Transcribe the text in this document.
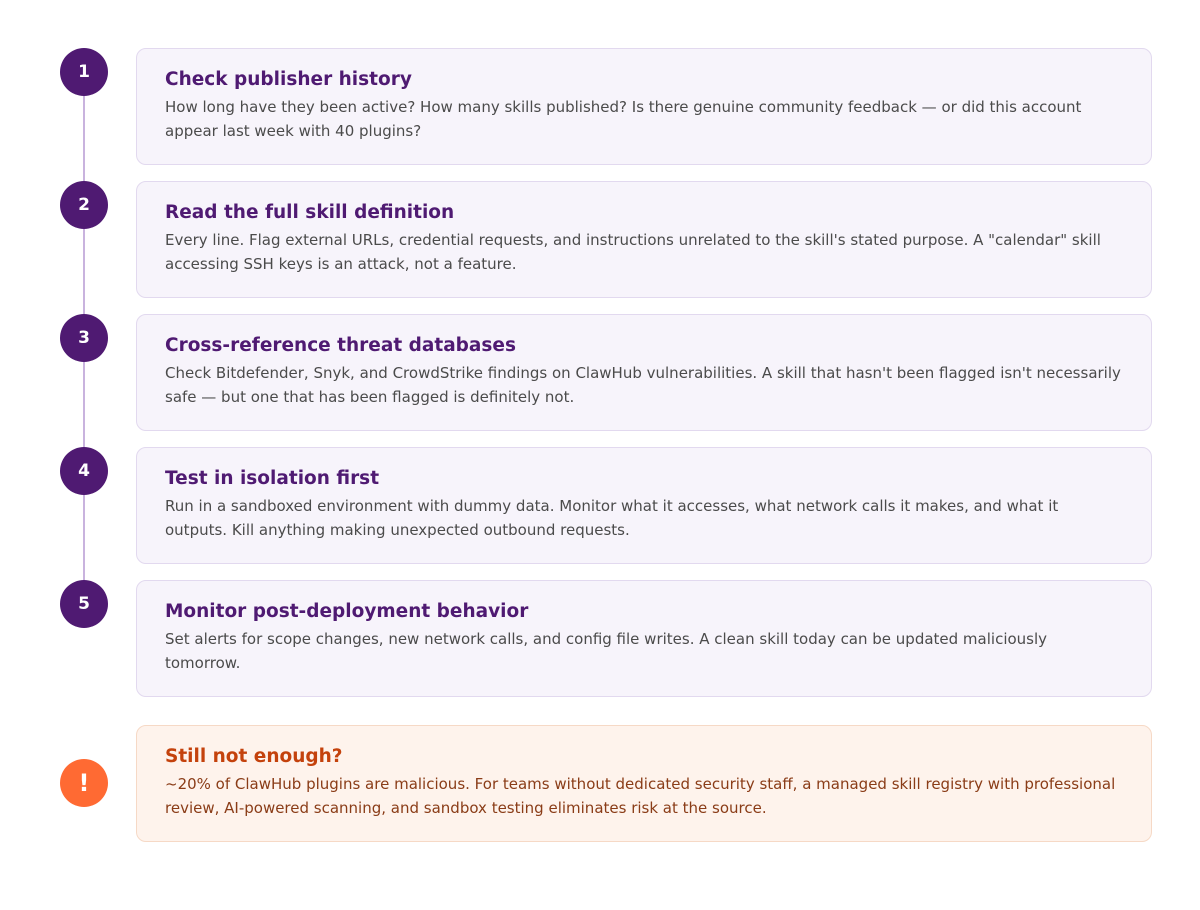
1	Check publisher history
How long have they been active? How many skills published? Is there genuine community feedback — or did this account appear last week with 40 plugins?
2	Read the full skill definition
Every line. Flag external URLs, credential requests, and instructions unrelated to the skill's stated purpose. A "calendar" skill accessing SSH keys is an attack, not a feature.
3	Cross-reference threat databases
Check Bitdefender, Snyk, and CrowdStrike findings on ClawHub vulnerabilities. A skill that hasn't been flagged isn't necessarily safe — but one that has been flagged is definitely not.
4	Test in isolation first
Run in a sandboxed environment with dummy data. Monitor what it accesses, what network calls it makes, and what it outputs. Kill anything making unexpected outbound requests.
5	Monitor post-deployment behavior
Set alerts for scope changes, new network calls, and config file writes. A clean skill today can be updated maliciously tomorrow.
!
Still not enough?
~20% of ClawHub plugins are malicious. For teams without dedicated security staff, a managed skill registry with professional review, AI-powered scanning, and sandbox testing eliminates risk at the source.
